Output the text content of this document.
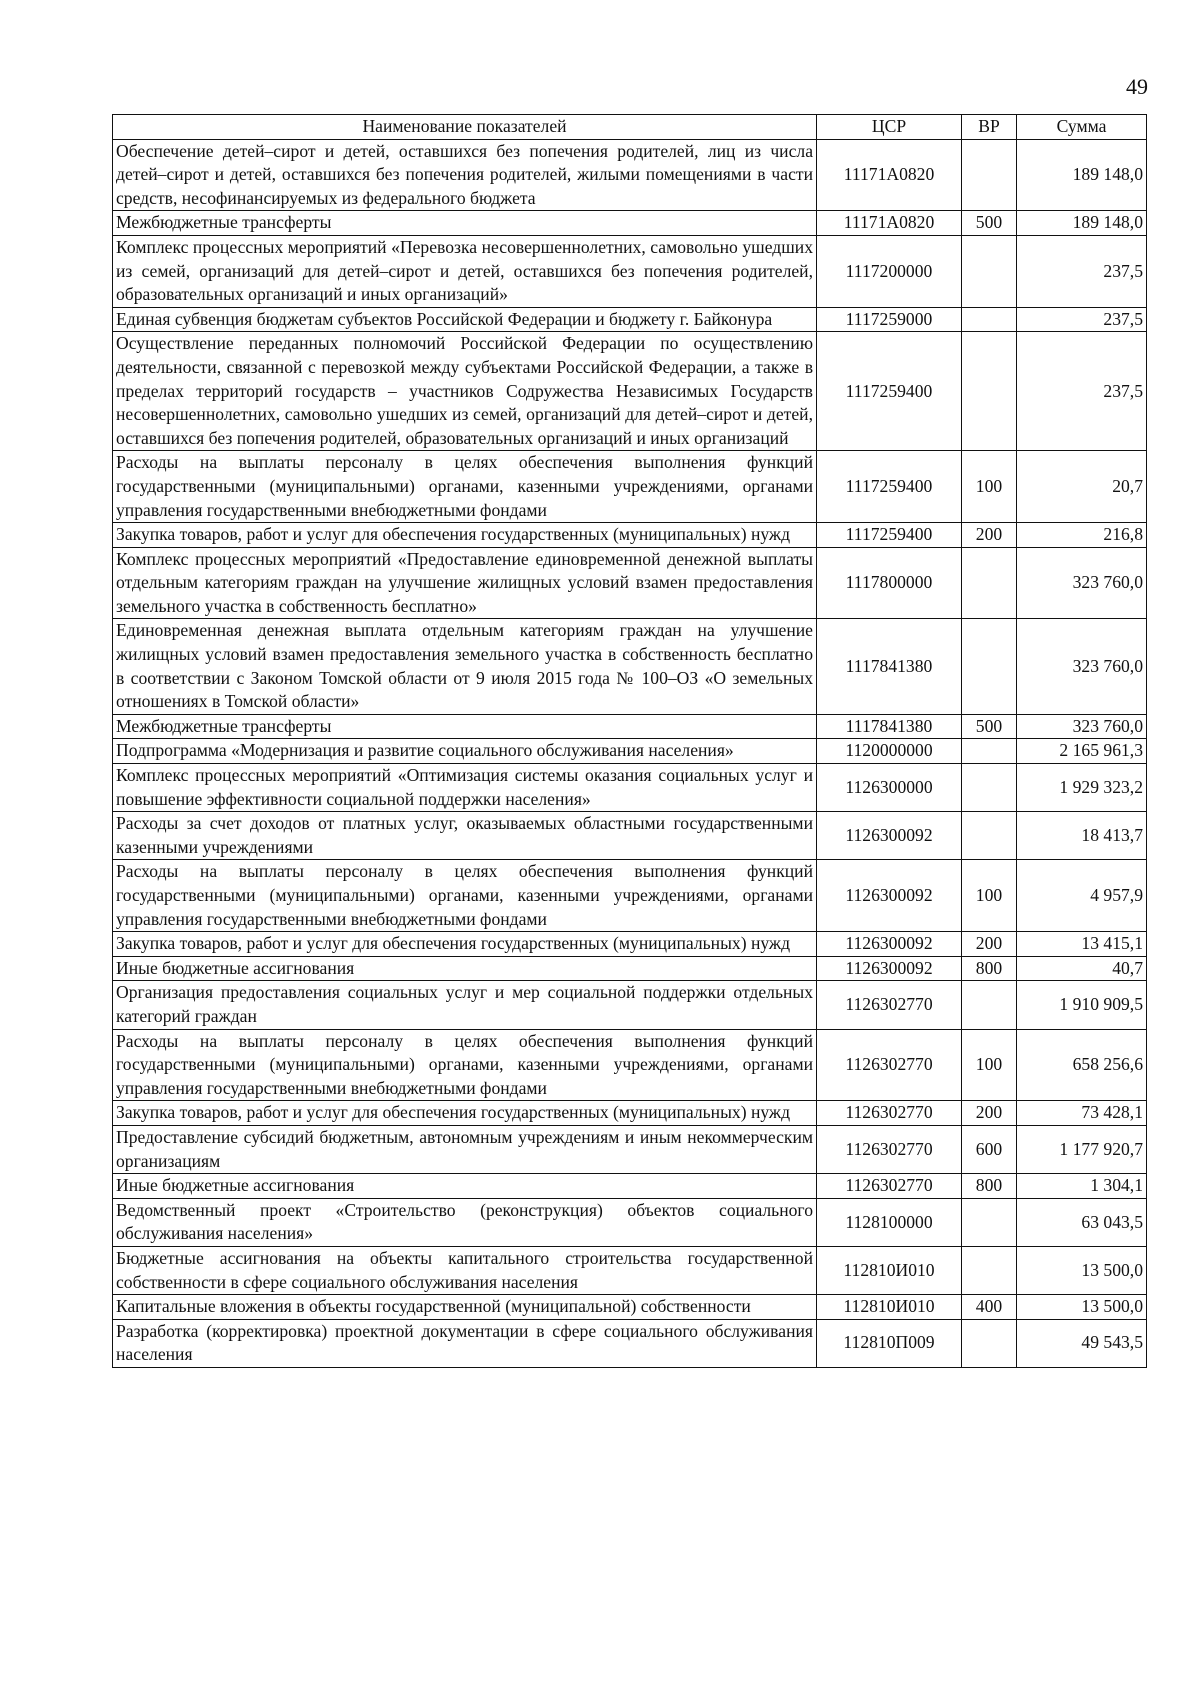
49
Наименование показателей	ЦСР	ВР	Сумма
Обеспечение детей–сирот и детей, оставшихся без попечения родителей, лиц из числа детей–сирот и детей, оставшихся без попечения родителей, жилыми помещениями в части средств, несофинансируемых из федерального бюджета	11171А0820		189 148,0
Межбюджетные трансферты	11171А0820	500	189 148,0
Комплекс процессных мероприятий «Перевозка несовершеннолетних, самовольно ушедших из семей, организаций для детей–сирот и детей, оставшихся без попечения родителей, образовательных организаций и иных организаций»	1117200000		237,5
Единая субвенция бюджетам субъектов Российской Федерации и бюджету г. Байконура	1117259000		237,5
Осуществление переданных полномочий Российской Федерации по осуществлению деятельности, связанной с перевозкой между субъектами Российской Федерации, а также в пределах территорий государств – участников Содружества Независимых Государств несовершеннолетних, самовольно ушедших из семей, организаций для детей–сирот и детей, оставшихся без попечения родителей, образовательных организаций и иных организаций	1117259400		237,5
Расходы на выплаты персоналу в целях обеспечения выполнения функций государственными (муниципальными) органами, казенными учреждениями, органами управления государственными внебюджетными фондами	1117259400	100	20,7
Закупка товаров, работ и услуг для обеспечения государственных (муниципальных) нужд	1117259400	200	216,8
Комплекс процессных мероприятий «Предоставление единовременной денежной выплаты отдельным категориям граждан на улучшение жилищных условий взамен предоставления земельного участка в собственность бесплатно»	1117800000		323 760,0
Единовременная денежная выплата отдельным категориям граждан на улучшение жилищных условий взамен предоставления земельного участка в собственность бесплатно в соответствии с Законом Томской области от 9 июля 2015 года № 100–ОЗ «О земельных отношениях в Томской области»	1117841380		323 760,0
Межбюджетные трансферты	1117841380	500	323 760,0
Подпрограмма «Модернизация и развитие социального обслуживания населения»	1120000000		2 165 961,3
Комплекс процессных мероприятий «Оптимизация системы оказания социальных услуг и повышение эффективности социальной поддержки населения»	1126300000		1 929 323,2
Расходы за счет доходов от платных услуг, оказываемых областными государственными казенными учреждениями	1126300092		18 413,7
Расходы на выплаты персоналу в целях обеспечения выполнения функций государственными (муниципальными) органами, казенными учреждениями, органами управления государственными внебюджетными фондами	1126300092	100	4 957,9
Закупка товаров, работ и услуг для обеспечения государственных (муниципальных) нужд	1126300092	200	13 415,1
Иные бюджетные ассигнования	1126300092	800	40,7
Организация предоставления социальных услуг и мер социальной поддержки отдельных категорий граждан	1126302770		1 910 909,5
Расходы на выплаты персоналу в целях обеспечения выполнения функций государственными (муниципальными) органами, казенными учреждениями, органами управления государственными внебюджетными фондами	1126302770	100	658 256,6
Закупка товаров, работ и услуг для обеспечения государственных (муниципальных) нужд	1126302770	200	73 428,1
Предоставление субсидий бюджетным, автономным учреждениям и иным некоммерческим организациям	1126302770	600	1 177 920,7
Иные бюджетные ассигнования	1126302770	800	1 304,1
Ведомственный проект «Строительство (реконструкция) объектов социального обслуживания населения»	1128100000		63 043,5
Бюджетные ассигнования на объекты капитального строительства государственной собственности в сфере социального обслуживания населения	112810И010		13 500,0
Капитальные вложения в объекты государственной (муниципальной) собственности	112810И010	400	13 500,0
Разработка (корректировка) проектной документации в сфере социального обслуживания населения	112810П009		49 543,5
